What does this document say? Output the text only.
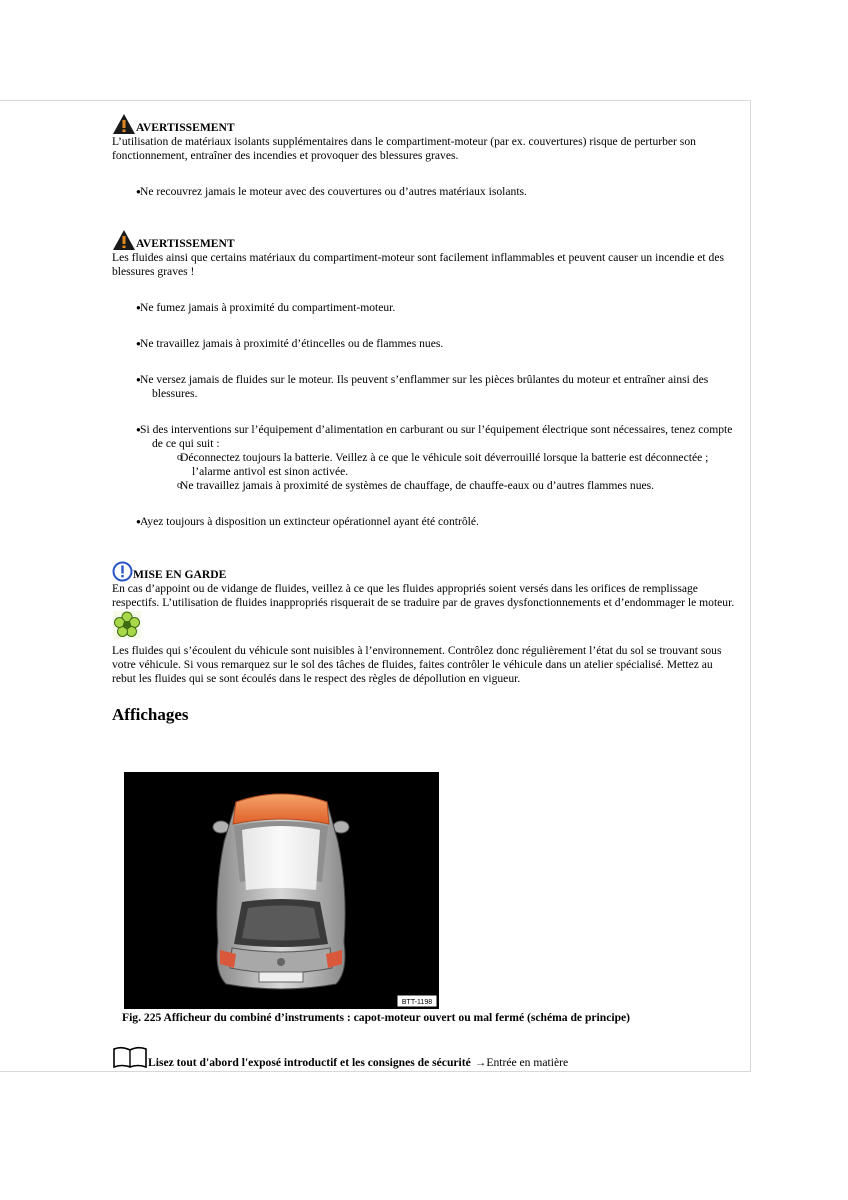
AVERTISSEMENT

L’utilisation de matériaux isolants supplémentaires dans le compartiment-moteur (par ex. couvertures) risque de perturber son fonctionnement, entraîner des incendies et provoquer des blessures graves.

● Ne recouvrez jamais le moteur avec des couvertures ou d’autres matériaux isolants.
AVERTISSEMENT

Les fluides ainsi que certains matériaux du compartiment-moteur sont facilement inflammables et peuvent causer un incendie et des blessures graves !

● Ne fumez jamais à proximité du compartiment-moteur.
● Ne travaillez jamais à proximité d’étincelles ou de flammes nues.
● Ne versez jamais de fluides sur le moteur. Ils peuvent s’enflammer sur les pièces brûlantes du moteur et entraîner ainsi des blessures.
● Si des interventions sur l’équipement d’alimentation en carburant ou sur l’équipement électrique sont nécessaires, tenez compte de ce qui suit :
o Déconnectez toujours la batterie. Veillez à ce que le véhicule soit déverrouillé lorsque la batterie est déconnectée ; l’alarme antivol est sinon activée.
o Ne travaillez jamais à proximité de systèmes de chauffage, de chauffe-eaux ou d’autres flammes nues.
● Ayez toujours à disposition un extincteur opérationnel ayant été contrôlé.
MISE EN GARDE

En cas d’appoint ou de vidange de fluides, veillez à ce que les fluides appropriés soient versés dans les orifices de remplissage respectifs. L’utilisation de fluides inappropriés risquerait de se traduire par de graves dysfonctionnements et d’endommager le moteur.

Les fluides qui s’écoulent du véhicule sont nuisibles à l’environnement. Contrôlez donc régulièrement l’état du sol se trouvant sous votre véhicule. Si vous remarquez sur le sol des tâches de fluides, faites contrôler le véhicule dans un atelier spécialisé. Mettez au rebut les fluides qui se sont écoulés dans le respect des règles de dépollution en vigueur.

Affichages
BTT-1198
Fig. 225 Afficheur du combiné d’instruments : capot-moteur ouvert ou mal fermé (schéma de principe)
Lisez tout d'abord l'exposé introductif et les consignes de sécurité →Entrée en matière
